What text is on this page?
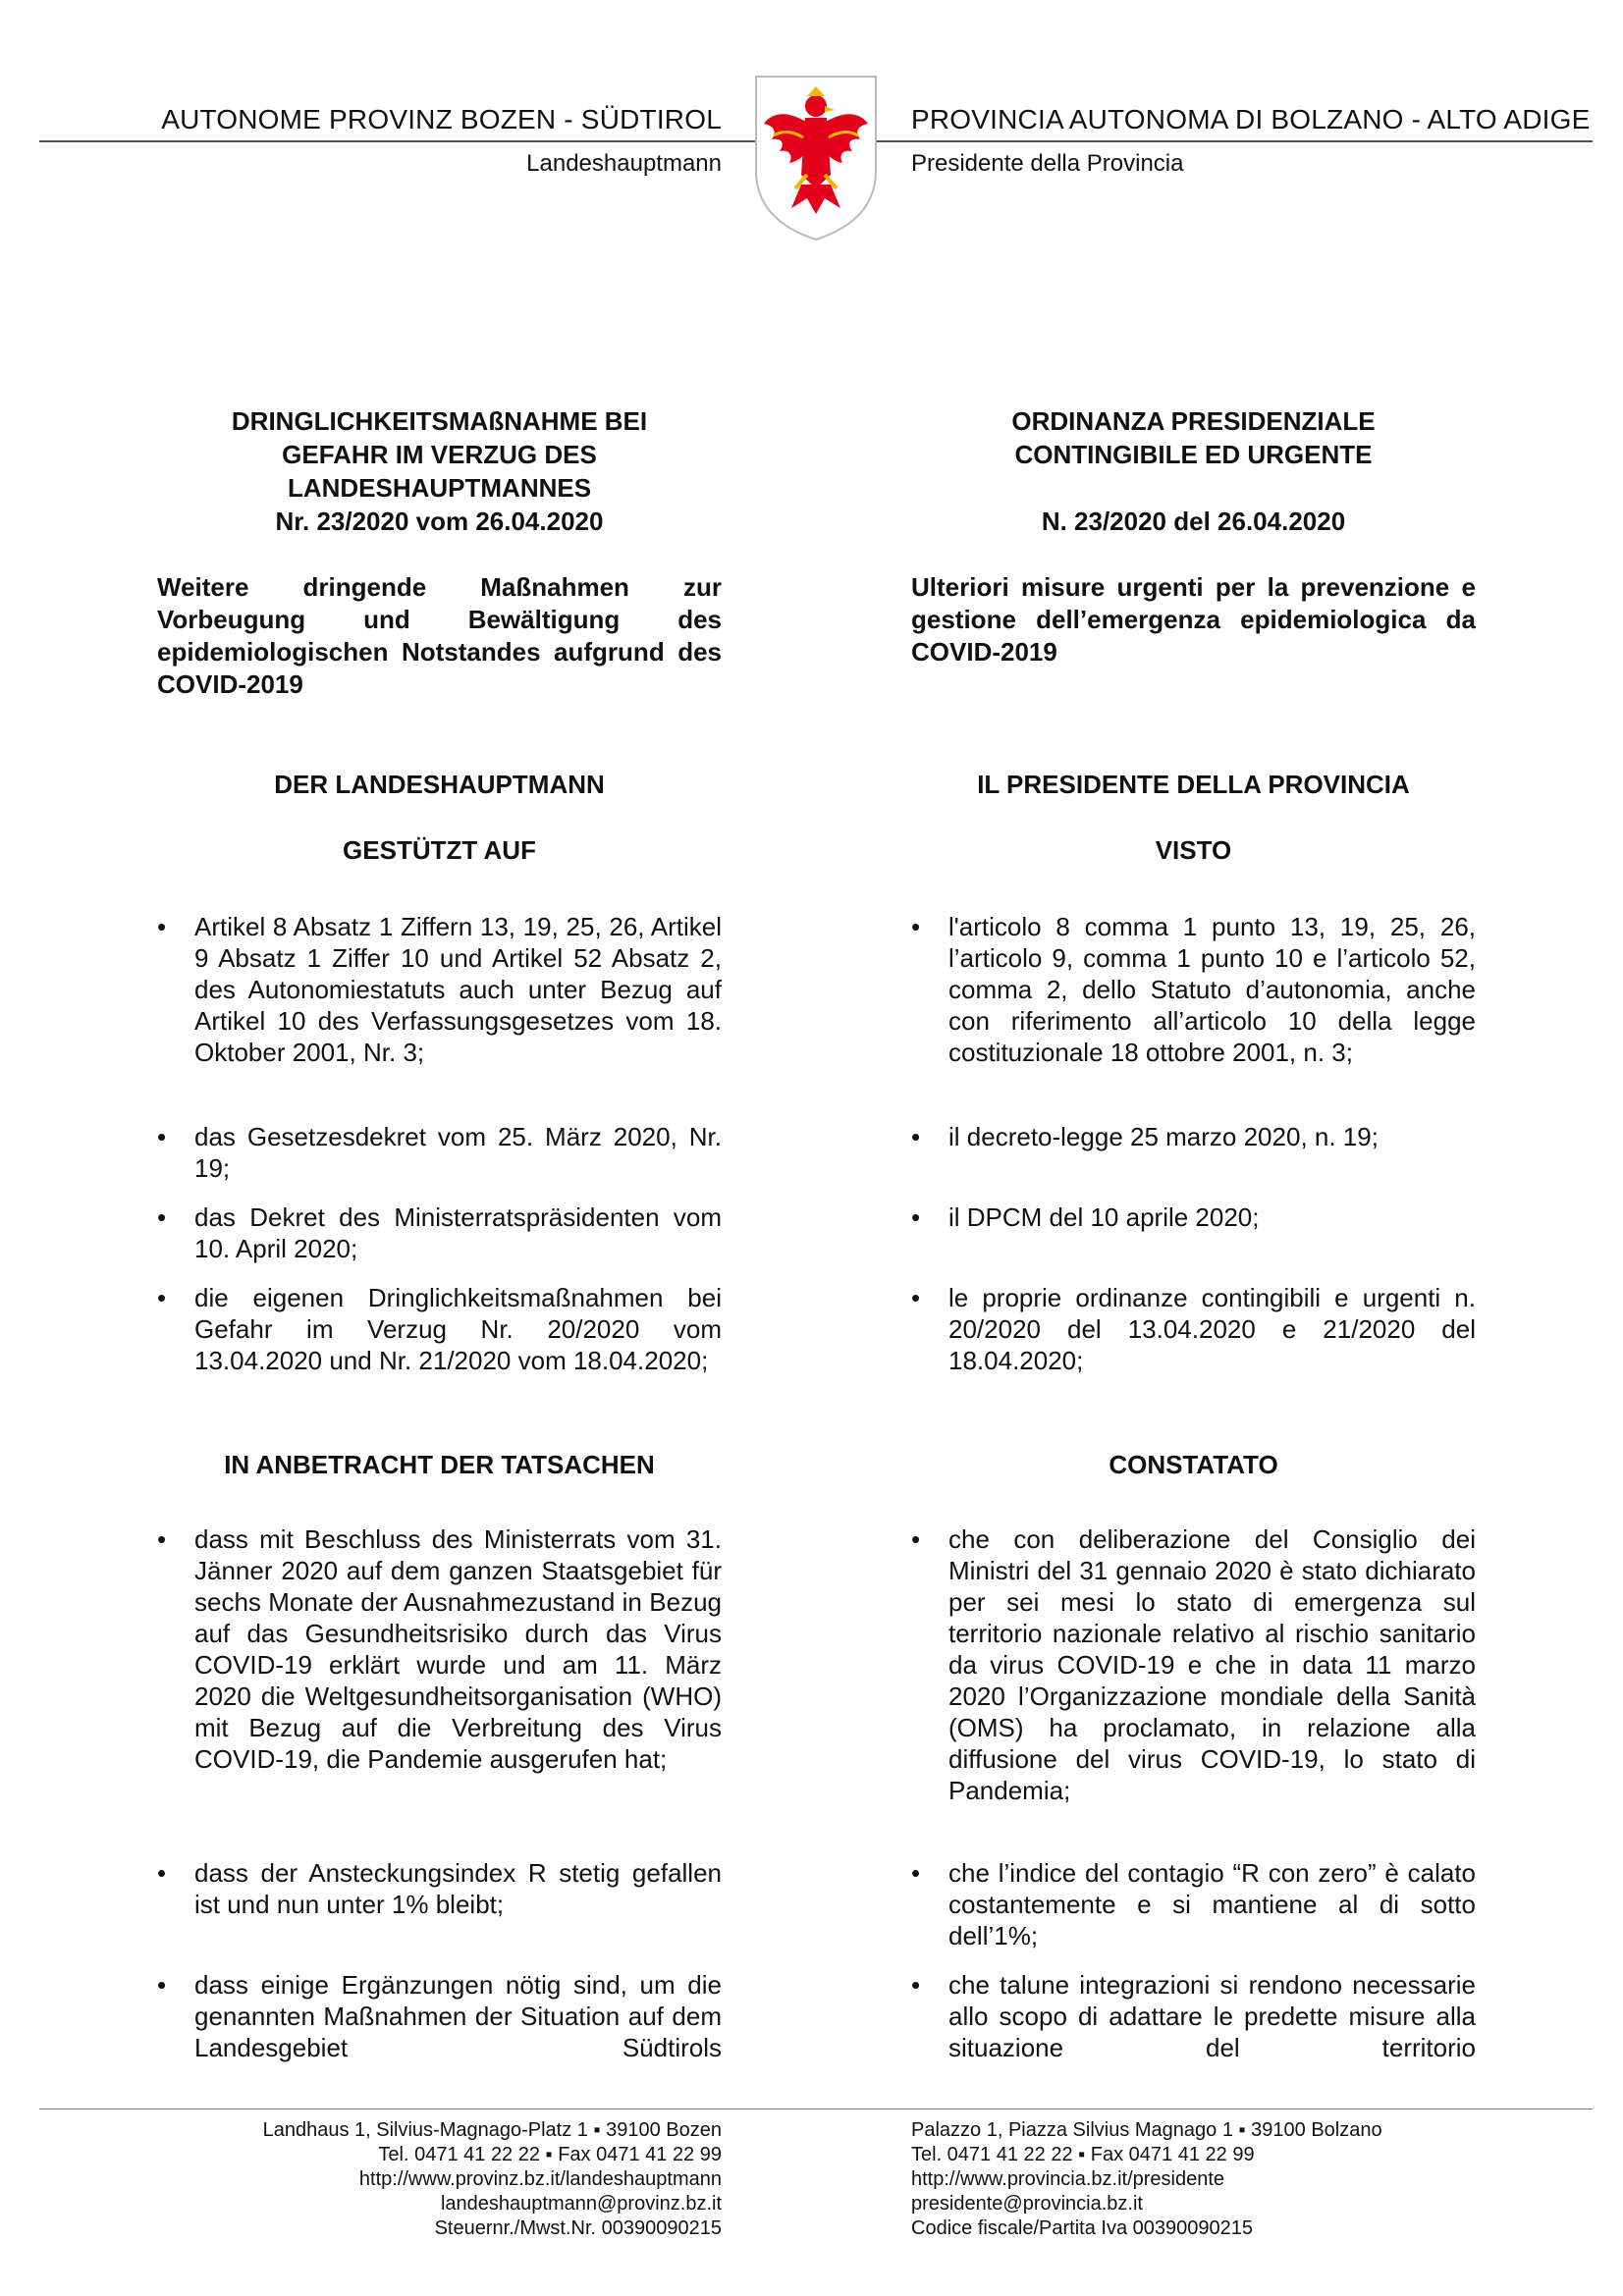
AUTONOME PROVINZ BOZEN - SÜDTIROL
Landeshauptmann
PROVINCIA AUTONOMA DI BOLZANO - ALTO ADIGE
Presidente della Provincia
DRINGLICHKEITSMAßNAHME BEI
GEFAHR IM VERZUG DES
LANDESHAUPTMANNES
Nr. 23/2020 vom 26.04.2020
ORDINANZA PRESIDENZIALE
CONTINGIBILE ED URGENTE

N. 23/2020 del 26.04.2020
Weitere dringende Maßnahmen zur Vorbeugung und Bewältigung des epidemiologischen Notstandes aufgrund des COVID-2019
Ulteriori misure urgenti per la prevenzione e gestione dell’emergenza epidemiologica da COVID-2019
DER LANDESHAUPTMANN	IL PRESIDENTE DELLA PROVINCIA
GESTÜTZT AUF	VISTO
•	Artikel 8 Absatz 1 Ziffern 13, 19, 25, 26, Artikel 9 Absatz 1 Ziffer 10 und Artikel 52 Absatz 2, des Autonomiestatuts auch unter Bezug auf Artikel 10 des Verfassungsgesetzes vom 18. Oktober 2001, Nr. 3;
•	das Gesetzesdekret vom 25. März 2020, Nr. 19;
•	das Dekret des Ministerratspräsidenten vom 10. April 2020;
•	die eigenen Dringlichkeitsmaßnahmen bei Gefahr im Verzug Nr. 20/2020 vom 13.04.2020 und Nr. 21/2020 vom 18.04.2020;
•	l'articolo 8 comma 1 punto 13, 19, 25, 26, l’articolo 9, comma 1 punto 10 e l’articolo 52, comma 2, dello Statuto d’autonomia, anche con riferimento all’articolo 10 della legge costituzionale 18 ottobre 2001, n. 3;
•	il decreto-legge 25 marzo 2020, n. 19;
•	il DPCM del 10 aprile 2020;
•	le proprie ordinanze contingibili e urgenti n. 20/2020 del 13.04.2020 e 21/2020 del 18.04.2020;
IN ANBETRACHT DER TATSACHEN	CONSTATATO
•	dass mit Beschluss des Ministerrats vom 31. Jänner 2020 auf dem ganzen Staatsgebiet für sechs Monate der Ausnahmezustand in Bezug auf das Gesundheitsrisiko durch das Virus COVID-19 erklärt wurde und am 11. März 2020 die Weltgesundheitsorganisation (WHO) mit Bezug auf die Verbreitung des Virus COVID-19, die Pandemie ausgerufen hat;
•	dass der Ansteckungsindex R stetig gefallen ist und nun unter 1% bleibt;
•	dass einige Ergänzungen nötig sind, um die genannten Maßnahmen der Situation auf dem Landesgebiet Südtirols
•	che con deliberazione del Consiglio dei Ministri del 31 gennaio 2020 è stato dichiarato per sei mesi lo stato di emergenza sul territorio nazionale relativo al rischio sanitario da virus COVID-19 e che in data 11 marzo 2020 l’Organizzazione mondiale della Sanità (OMS) ha proclamato, in relazione alla diffusione del virus COVID-19, lo stato di Pandemia;
•	che l’indice del contagio “R con zero” è calato costantemente e si mantiene al di sotto dell’1%;
•	che talune integrazioni si rendono necessarie allo scopo di adattare le predette misure alla situazione del territorio
Landhaus 1, Silvius-Magnago-Platz 1 ▪ 39100 Bozen
Tel. 0471 41 22 22 ▪ Fax 0471 41 22 99
http://www.provinz.bz.it/landeshauptmann
landeshauptmann@provinz.bz.it
Steuernr./Mwst.Nr. 00390090215
Palazzo 1, Piazza Silvius Magnago 1 ▪ 39100 Bolzano
Tel. 0471 41 22 22 ▪ Fax 0471 41 22 99
http://www.provincia.bz.it/presidente
presidente@provincia.bz.it
Codice fiscale/Partita Iva 00390090215
